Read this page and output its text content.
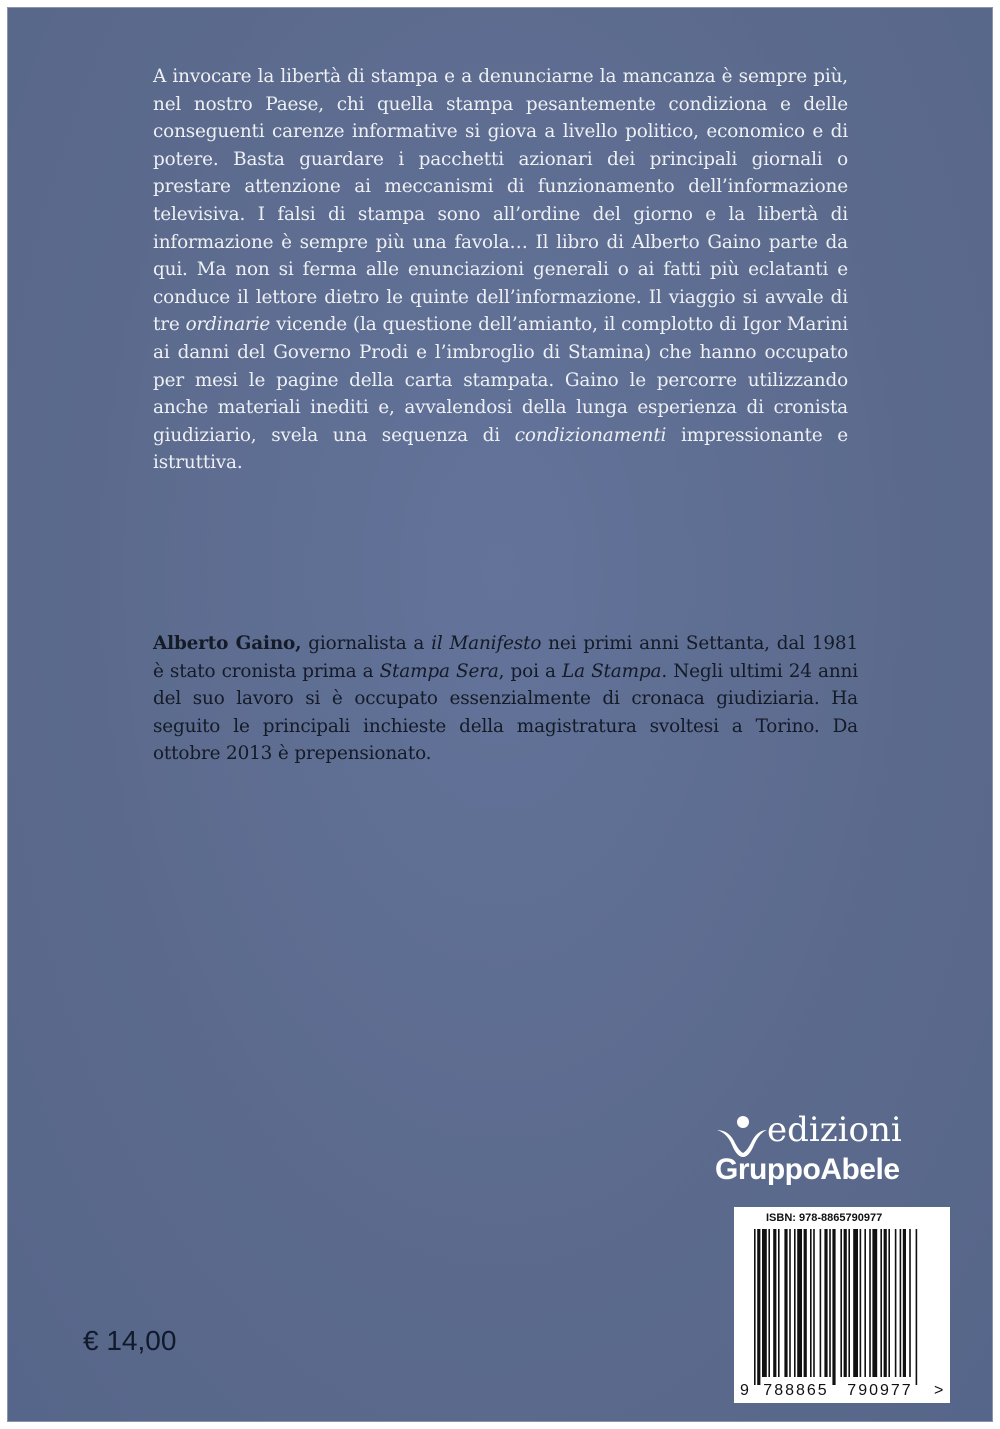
A invocare la libertà di stampa e a denunciarne la mancanza è sempre più, nel nostro Paese, chi quella stampa pesantemente condiziona e delle conseguenti carenze informative si giova a livello politico, economico e di potere. Basta guardare i pacchetti azionari dei principali giornali o prestare attenzione ai meccanismi di funzionamento dell’informazione televisiva. I falsi di stampa sono all’ordine del giorno e la libertà di informazione è sempre più una favola… Il libro di Alberto Gaino parte da qui. Ma non si ferma alle enunciazioni generali o ai fatti più eclatanti e conduce il lettore dietro le quinte dell’informazione. Il viaggio si avvale di tre ordinarie vicende (la questione dell’amianto, il complotto di Igor Marini ai danni del Governo Prodi e l’imbroglio di Stamina) che hanno occupato per mesi le pagine della carta stampata. Gaino le percorre utilizzando anche materiali inediti e, avvalendosi della lunga esperienza di cronista giudiziario, svela una sequenza di condizionamenti impressionante e istruttiva.

Alberto Gaino, giornalista a il Manifesto nei primi anni Settanta, dal 1981 è stato cronista prima a Stampa Sera, poi a La Stampa. Negli ultimi 24 anni del suo lavoro si è occupato essenzialmente di cronaca giudiziaria. Ha seguito le principali inchieste della magistratura svoltesi a Torino. Da ottobre 2013 è prepensionato.

edizioni
GruppoAbele
ISBN: 978-8865790977
9 788865 790977 >
€ 14,00
